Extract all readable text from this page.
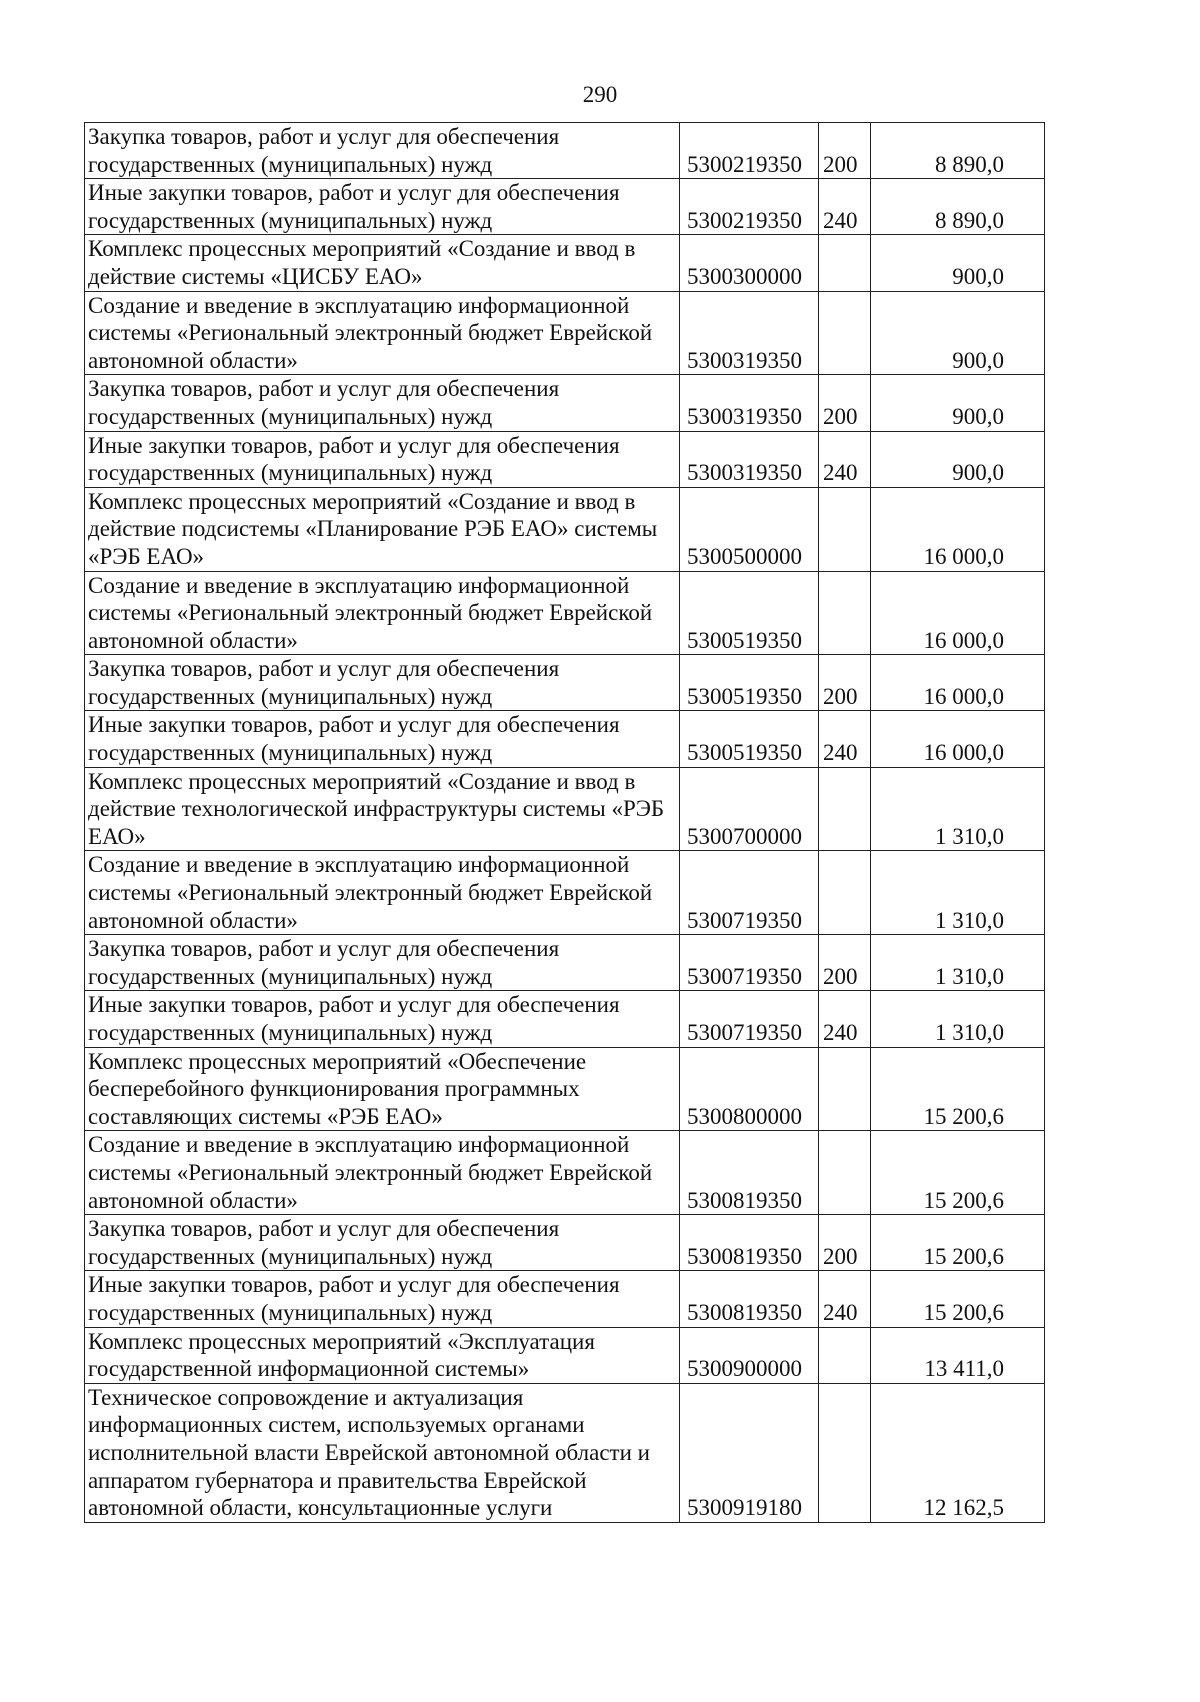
290
Закупка товаров, работ и услуг для обеспечения государственных (муниципальных) нужд	5300219350	200	8 890,0
Иные закупки товаров, работ и услуг для обеспечения государственных (муниципальных) нужд	5300219350	240	8 890,0
Комплекс процессных мероприятий «Создание и ввод в действие системы «ЦИСБУ ЕАО»	5300300000		900,0
Создание и введение в эксплуатацию информационной системы «Региональный электронный бюджет Еврейской автономной области»	5300319350		900,0
Закупка товаров, работ и услуг для обеспечения государственных (муниципальных) нужд	5300319350	200	900,0
Иные закупки товаров, работ и услуг для обеспечения государственных (муниципальных) нужд	5300319350	240	900,0
Комплекс процессных мероприятий «Создание и ввод в действие подсистемы «Планирование РЭБ ЕАО» системы «РЭБ ЕАО»	5300500000		16 000,0
Создание и введение в эксплуатацию информационной системы «Региональный электронный бюджет Еврейской автономной области»	5300519350		16 000,0
Закупка товаров, работ и услуг для обеспечения государственных (муниципальных) нужд	5300519350	200	16 000,0
Иные закупки товаров, работ и услуг для обеспечения государственных (муниципальных) нужд	5300519350	240	16 000,0
Комплекс процессных мероприятий «Создание и ввод в действие технологической инфраструктуры системы «РЭБ ЕАО»	5300700000		1 310,0
Создание и введение в эксплуатацию информационной системы «Региональный электронный бюджет Еврейской автономной области»	5300719350		1 310,0
Закупка товаров, работ и услуг для обеспечения государственных (муниципальных) нужд	5300719350	200	1 310,0
Иные закупки товаров, работ и услуг для обеспечения государственных (муниципальных) нужд	5300719350	240	1 310,0
Комплекс процессных мероприятий «Обеспечение бесперебойного функционирования программных составляющих системы «РЭБ ЕАО»	5300800000		15 200,6
Создание и введение в эксплуатацию информационной системы «Региональный электронный бюджет Еврейской автономной области»	5300819350		15 200,6
Закупка товаров, работ и услуг для обеспечения государственных (муниципальных) нужд	5300819350	200	15 200,6
Иные закупки товаров, работ и услуг для обеспечения государственных (муниципальных) нужд	5300819350	240	15 200,6
Комплекс процессных мероприятий «Эксплуатация государственной информационной системы»	5300900000		13 411,0
Техническое сопровождение и актуализация информационных систем, используемых органами исполнительной власти Еврейской автономной области и аппаратом губернатора и правительства Еврейской автономной области, консультационные услуги	5300919180		12 162,5
